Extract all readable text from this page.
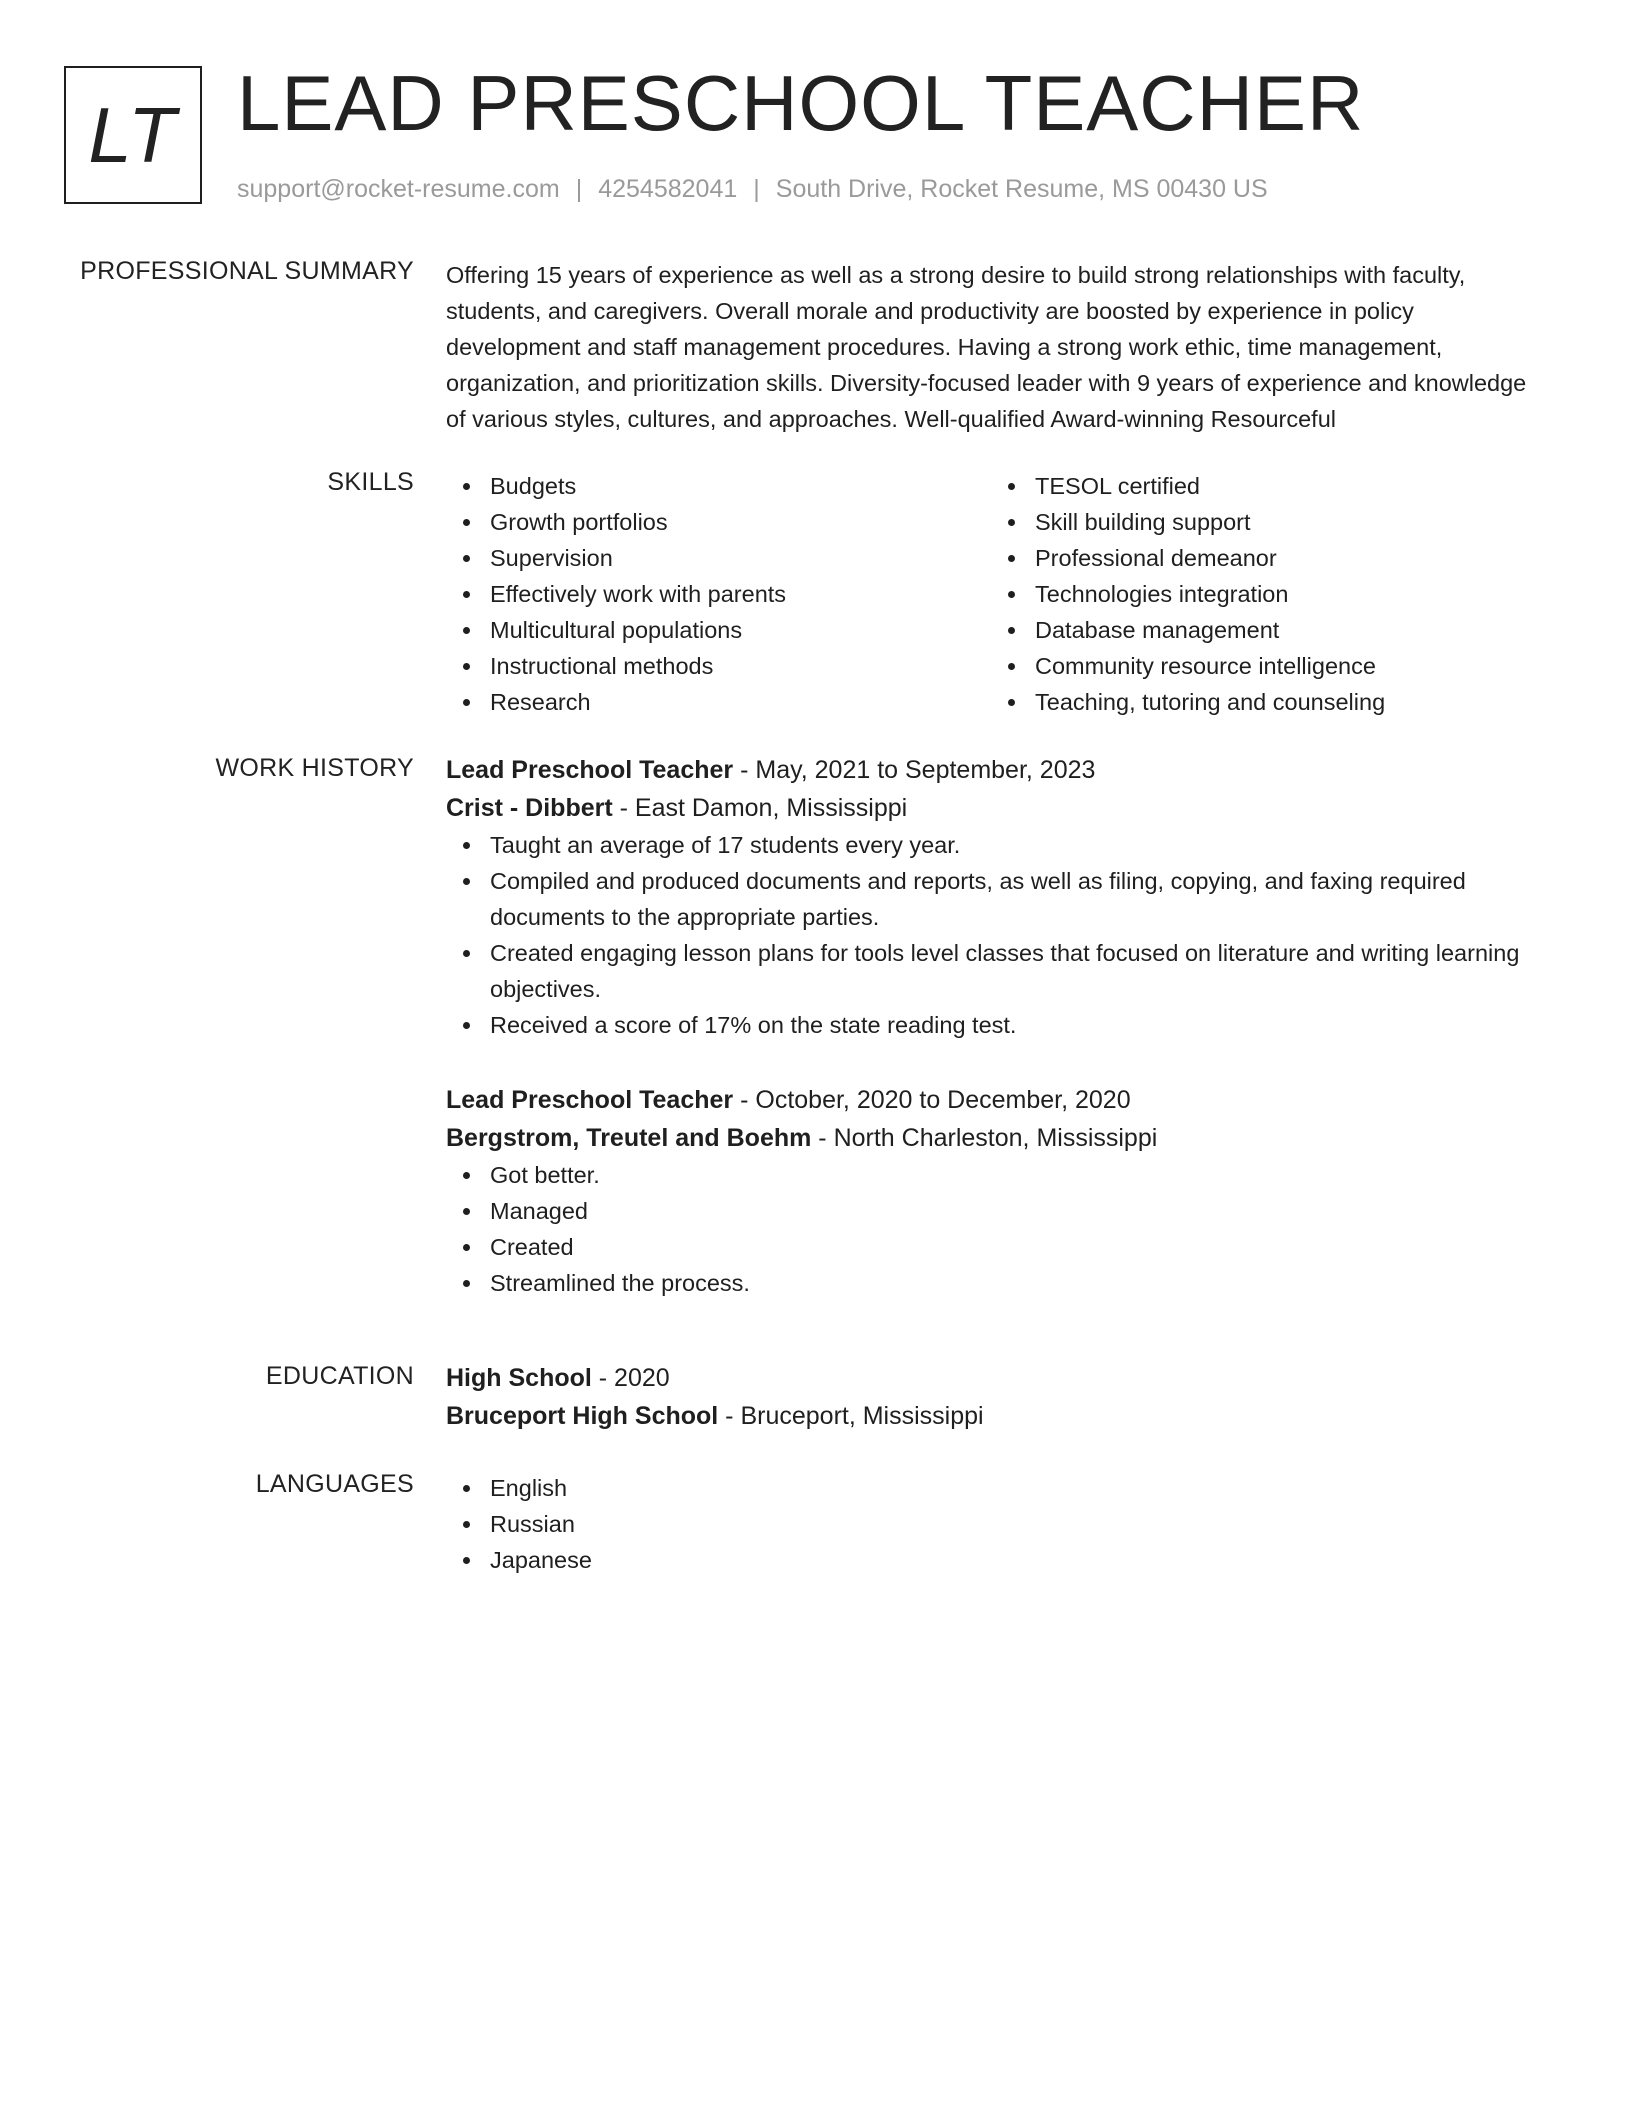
LT LEAD PRESCHOOL TEACHER
support@rocket-resume.com | 4254582041 | South Drive, Rocket Resume, MS 00430 US
PROFESSIONAL SUMMARY Offering 15 years of experience as well as a strong desire to build strong relationships with faculty, students, and caregivers. Overall morale and productivity are boosted by experience in policy development and staff management procedures. Having a strong work ethic, time management, organization, and prioritization skills. Diversity-focused leader with 9 years of experience and knowledge of various styles, cultures, and approaches. Well-qualified Award-winning Resourceful

SKILLS	Budgets
Growth portfolios
Supervision
Effectively work with parents
Multicultural populations
Instructional methods
Research
TESOL certified
Skill building support
Professional demeanor
Technologies integration
Database management
Community resource intelligence
Teaching, tutoring and counseling
WORK HISTORY Lead Preschool Teacher - May, 2021 to September, 2023
Crist - Dibbert - East Damon, Mississippi
Taught an average of 17 students every year.
Compiled and produced documents and reports, as well as filing, copying, and faxing required documents to the appropriate parties.
Created engaging lesson plans for tools level classes that focused on literature and writing learning objectives.
Received a score of 17% on the state reading test.
Lead Preschool Teacher - October, 2020 to December, 2020
Bergstrom, Treutel and Boehm - North Charleston, Mississippi
Got better.
Managed
Created
Streamlined the process.
EDUCATION High School - 2020
Bruceport High School - Bruceport, Mississippi
LANGUAGES	English
Russian
Japanese
